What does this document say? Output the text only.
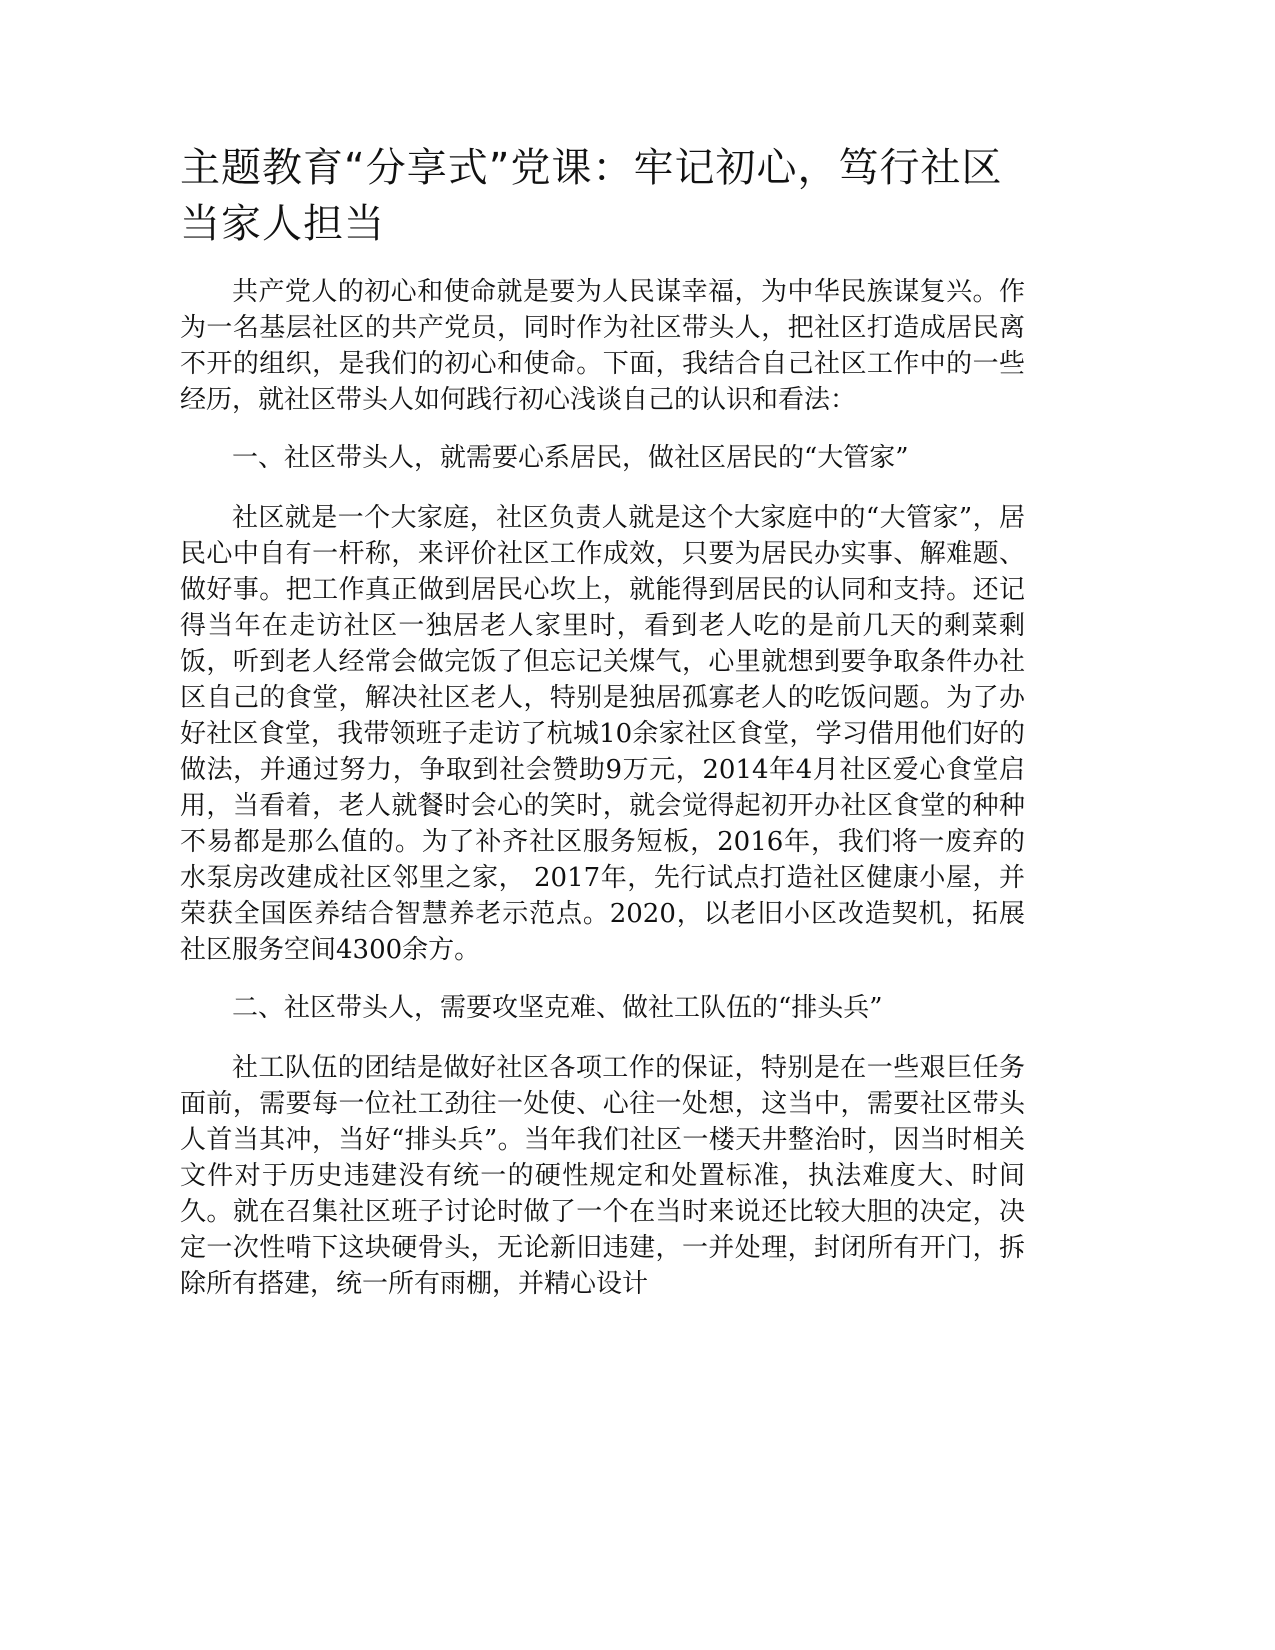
主题教育“分享式”党课：牢记初心，笃行社区当家人担当

共产党人的初心和使命就是要为人民谋幸福，为中华民族谋复兴。作为一名基层社区的共产党员，同时作为社区带头人，把社区打造成居民离不开的组织，是我们的初心和使命。下面，我结合自己社区工作中的一些经历，就社区带头人如何践行初心浅谈自己的认识和看法：

一、社区带头人，就需要心系居民，做社区居民的“大管家”

社区就是一个大家庭，社区负责人就是这个大家庭中的“大管家”，居民心中自有一杆称，来评价社区工作成效，只要为居民办实事、解难题、做好事。把工作真正做到居民心坎上，就能得到居民的认同和支持。还记得当年在走访社区一独居老人家里时，看到老人吃的是前几天的剩菜剩饭，听到老人经常会做完饭了但忘记关煤气，心里就想到要争取条件办社区自己的食堂，解决社区老人，特别是独居孤寡老人的吃饭问题。为了办好社区食堂，我带领班子走访了杭城10余家社区食堂，学习借用他们好的做法，并通过努力，争取到社会赞助9万元，2014年4月社区爱心食堂启用，当看着，老人就餐时会心的笑时，就会觉得起初开办社区食堂的种种不易都是那么值的。为了补齐社区服务短板，2016年，我们将一废弃的水泵房改建成社区邻里之家， 2017年，先行试点打造社区健康小屋，并荣获全国医养结合智慧养老示范点。2020，以老旧小区改造契机，拓展社区服务空间4300余方。

二、社区带头人，需要攻坚克难、做社工队伍的“排头兵”

社工队伍的团结是做好社区各项工作的保证，特别是在一些艰巨任务面前，需要每一位社工劲往一处使、心往一处想，这当中，需要社区带头人首当其冲，当好“排头兵”。当年我们社区一楼天井整治时，因当时相关文件对于历史违建没有统一的硬性规定和处置标准，执法难度大、时间久。就在召集社区班子讨论时做了一个在当时来说还比较大胆的决定，决定一次性啃下这块硬骨头，无论新旧违建，一并处理，封闭所有开门，拆除所有搭建，统一所有雨棚，并精心设计
